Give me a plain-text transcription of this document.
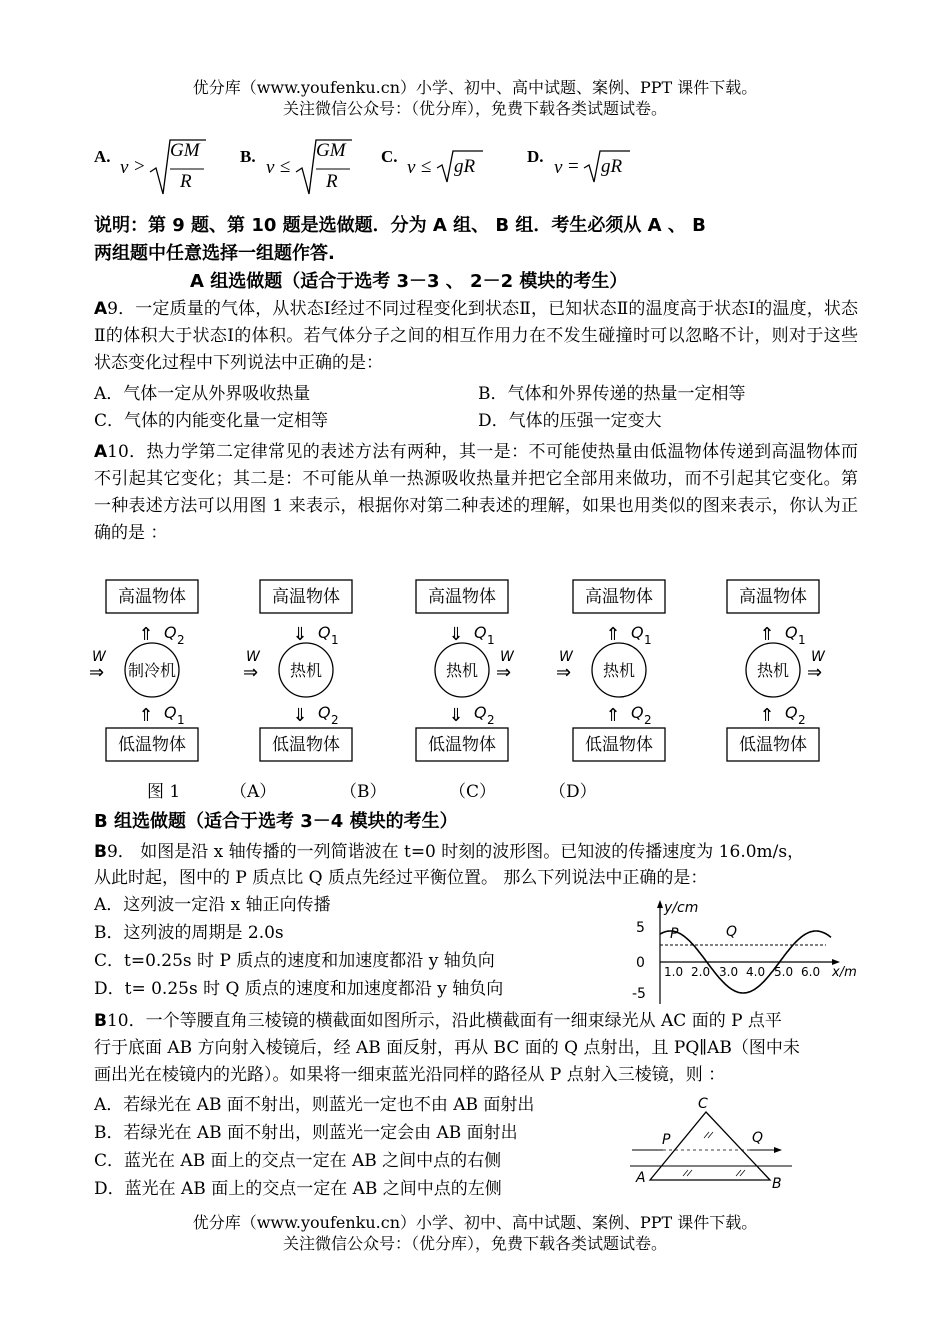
优分库（www.youfenku.cn）小学、初中、高中试题、案例、PPT 课件下载。
关注微信公众号：（优分库），免费下载各类试题试卷。
A.
v >
GM
R
B.
v ≤
GM
R
C.
v ≤ gR	D.
v = gR
说明：第 9 题、第 10 题是选做题．分为 A 组、 B 组．考生必须从 A 、 B
两组题中任意选择一组题作答.
A 组选做题（适合于选考 3－3 、 2－2 模块的考生）
A9．一定质量的气体，从状态Ⅰ经过不同过程变化到状态Ⅱ，已知状态Ⅱ的温度高于状态Ⅰ的温度，状态Ⅱ的体积大于状态Ⅰ的体积。若气体分子之间的相互作用力在不发生碰撞时可以忽略不计，则对于这些状态变化过程中下列说法中正确的是：
A．气体一定从外界吸收热量	B．气体和外界传递的热量一定相等
C．气体的内能变化量一定相等	D．气体的压强一定变大
A10．热力学第二定律常见的表述方法有两种，其一是：不可能使热量由低温物体传递到高温物体而不引起其它变化；其二是：不可能从单一热源吸收热量并把它全部用来做功，而不引起其它变化。第一种表述方法可以用图 1 来表示，根据你对第二种表述的理解，如果也用类似的图来表示，你认为正确的是 ：
高温物体
⇑ Q 2
制冷机
W
⇒
⇑ Q 1
低温物体
高温物体
⇓ Q 1
热机
W
⇒
⇓ Q 2
低温物体
高温物体
⇓ Q 1
热机
W
⇒
⇓ Q 2
低温物体
高温物体
⇑ Q 1
热机
W
⇒
⇑ Q 2
低温物体
高温物体
⇑ Q 1
热机
W
⇒
⇑ Q 2
低温物体
图 1	（A）	（B）	（C）	（D）
B 组选做题（适合于选考 3－4 模块的考生）
B9． 如图是沿 x 轴传播的一列简谐波在 t=0 时刻的波形图。已知波的传播速度为 16.0m/s，
从此时起，图中的 P 质点比 Q 质点先经过平衡位置。 那么下列说法中正确的是：
A．这列波一定沿 x 轴正向传播
B．这列波的周期是 2.0s
C．t=0.25s 时 P 质点的速度和加速度都沿 y 轴负向
D．t= 0.25s 时 Q 质点的速度和加速度都沿 y 轴负向
y/cm
x/m
5
0
-5
1.0 2.0 3.0 4.0 5.0 6.0
P	Q
B10．一个等腰直角三棱镜的横截面如图所示，沿此横截面有一细束绿光从 AC 面的 P 点平
行于底面 AB 方向射入棱镜后，经 AB 面反射，再从 BC 面的 Q 点射出，且 PQ∥AB（图中未
画出光在棱镜内的光路）。如果将一细束蓝光沿同样的路径从 P 点射入三棱镜，则 ：
A．若绿光在 AB 面不射出，则蓝光一定也不由 AB 面射出
B．若绿光在 AB 面不射出，则蓝光一定会由 AB 面射出
C．蓝光在 AB 面上的交点一定在 AB 之间中点的右侧
D．蓝光在 AB 面上的交点一定在 AB 之间中点的左侧
C
P	Q
A	B
优分库（www.youfenku.cn）小学、初中、高中试题、案例、PPT 课件下载。
关注微信公众号：（优分库），免费下载各类试题试卷。
